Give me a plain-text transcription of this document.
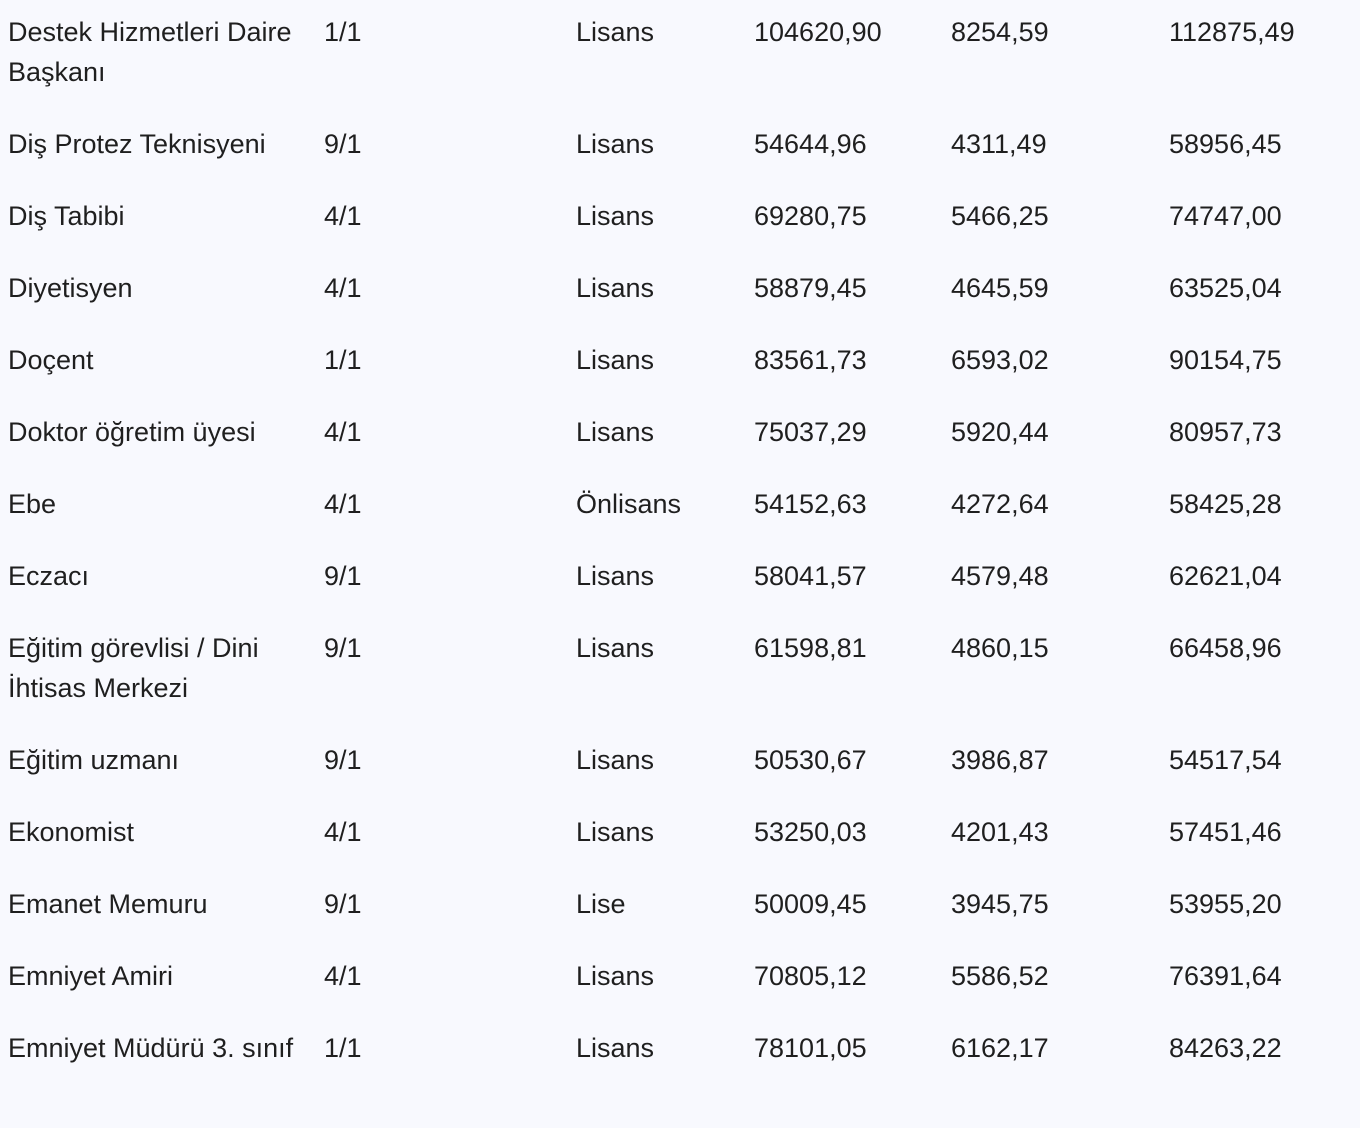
Destek Hizmetleri Daire Başkanı	1/1	Lisans	104620,90	8254,59	112875,49
Diş Protez Teknisyeni	9/1	Lisans	54644,96	4311,49	58956,45
Diş Tabibi	4/1	Lisans	69280,75	5466,25	74747,00
Diyetisyen	4/1	Lisans	58879,45	4645,59	63525,04
Doçent	1/1	Lisans	83561,73	6593,02	90154,75
Doktor öğretim üyesi	4/1	Lisans	75037,29	5920,44	80957,73
Ebe	4/1	Önlisans	54152,63	4272,64	58425,28
Eczacı	9/1	Lisans	58041,57	4579,48	62621,04
Eğitim görevlisi / Dini İhtisas Merkezi	9/1	Lisans	61598,81	4860,15	66458,96
Eğitim uzmanı	9/1	Lisans	50530,67	3986,87	54517,54
Ekonomist	4/1	Lisans	53250,03	4201,43	57451,46
Emanet Memuru	9/1	Lise	50009,45	3945,75	53955,20
Emniyet Amiri	4/1	Lisans	70805,12	5586,52	76391,64
Emniyet Müdürü 3. sınıf	1/1	Lisans	78101,05	6162,17	84263,22
